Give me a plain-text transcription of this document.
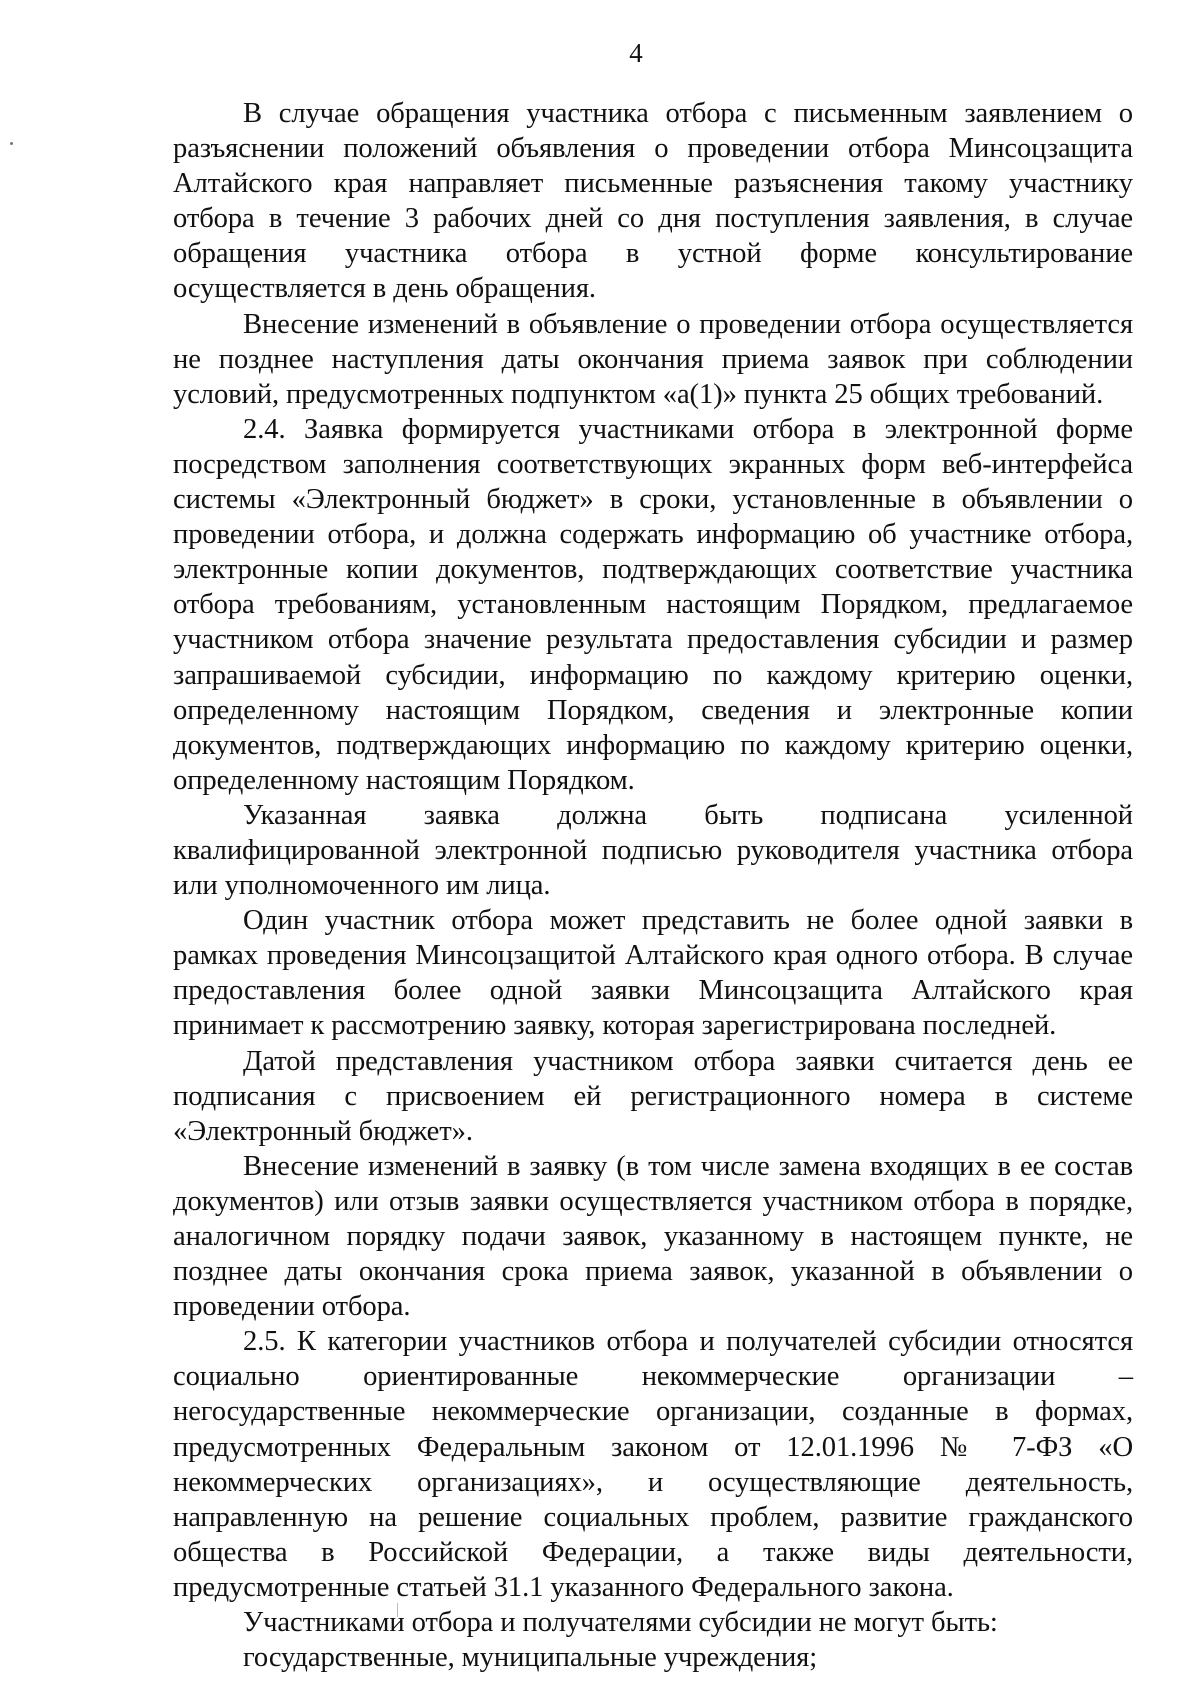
4

В случае обращения участника отбора с письменным заявлением о разъяснении положений объявления о проведении отбора Минсоцзащита Алтайского края направляет письменные разъяснения такому участнику отбора в течение 3 рабочих дней со дня поступления заявления, в случае обращения участника отбора в устной форме консультирование осуществляется в день обращения.

Внесение изменений в объявление о проведении отбора осуществляется не позднее наступления даты окончания приема заявок при соблюдении условий, предусмотренных подпунктом «а(1)» пункта 25 общих требований.

2.4. Заявка формируется участниками отбора в электронной форме посредством заполнения соответствующих экранных форм веб-интерфейса системы «Электронный бюджет» в сроки, установленные в объявлении о проведении отбора, и должна содержать информацию об участнике отбора, электронные копии документов, подтверждающих соответствие участника отбора требованиям, установленным настоящим Порядком, предлагаемое участником отбора значение результата предоставления субсидии и размер запрашиваемой субсидии, информацию по каждому критерию оценки, определенному настоящим Порядком, сведения и электронные копии документов, подтверждающих информацию по каждому критерию оценки, определенному настоящим Порядком.

Указанная заявка должна быть подписана усиленной квалифицированной электронной подписью руководителя участника отбора или уполномоченного им лица.

Один участник отбора может представить не более одной заявки в рамках проведения Минсоцзащитой Алтайского края одного отбора. В случае предоставления более одной заявки Минсоцзащита Алтайского края принимает к рассмотрению заявку, которая зарегистрирована последней.

Датой представления участником отбора заявки считается день ее подписания с присвоением ей регистрационного номера в системе «Электронный бюджет».

Внесение изменений в заявку (в том числе замена входящих в ее состав документов) или отзыв заявки осуществляется участником отбора в порядке, аналогичном порядку подачи заявок, указанному в настоящем пункте, не позднее даты окончания срока приема заявок, указанной в объявлении о проведении отбора.

2.5. К категории участников отбора и получателей субсидии относятся социально ориентированные некоммерческие организации – негосударственные некоммерческие организации, созданные в формах, предусмотренных Федеральным законом от 12.01.1996 № 7-ФЗ «О некоммерческих организациях», и осуществляющие деятельность, направленную на решение социальных проблем, развитие гражданского общества в Российской Федерации, а также виды деятельности, предусмотренные статьей 31.1 указанного Федерального закона.

Участниками отбора и получателями субсидии не могут быть:

государственные, муниципальные учреждения;
